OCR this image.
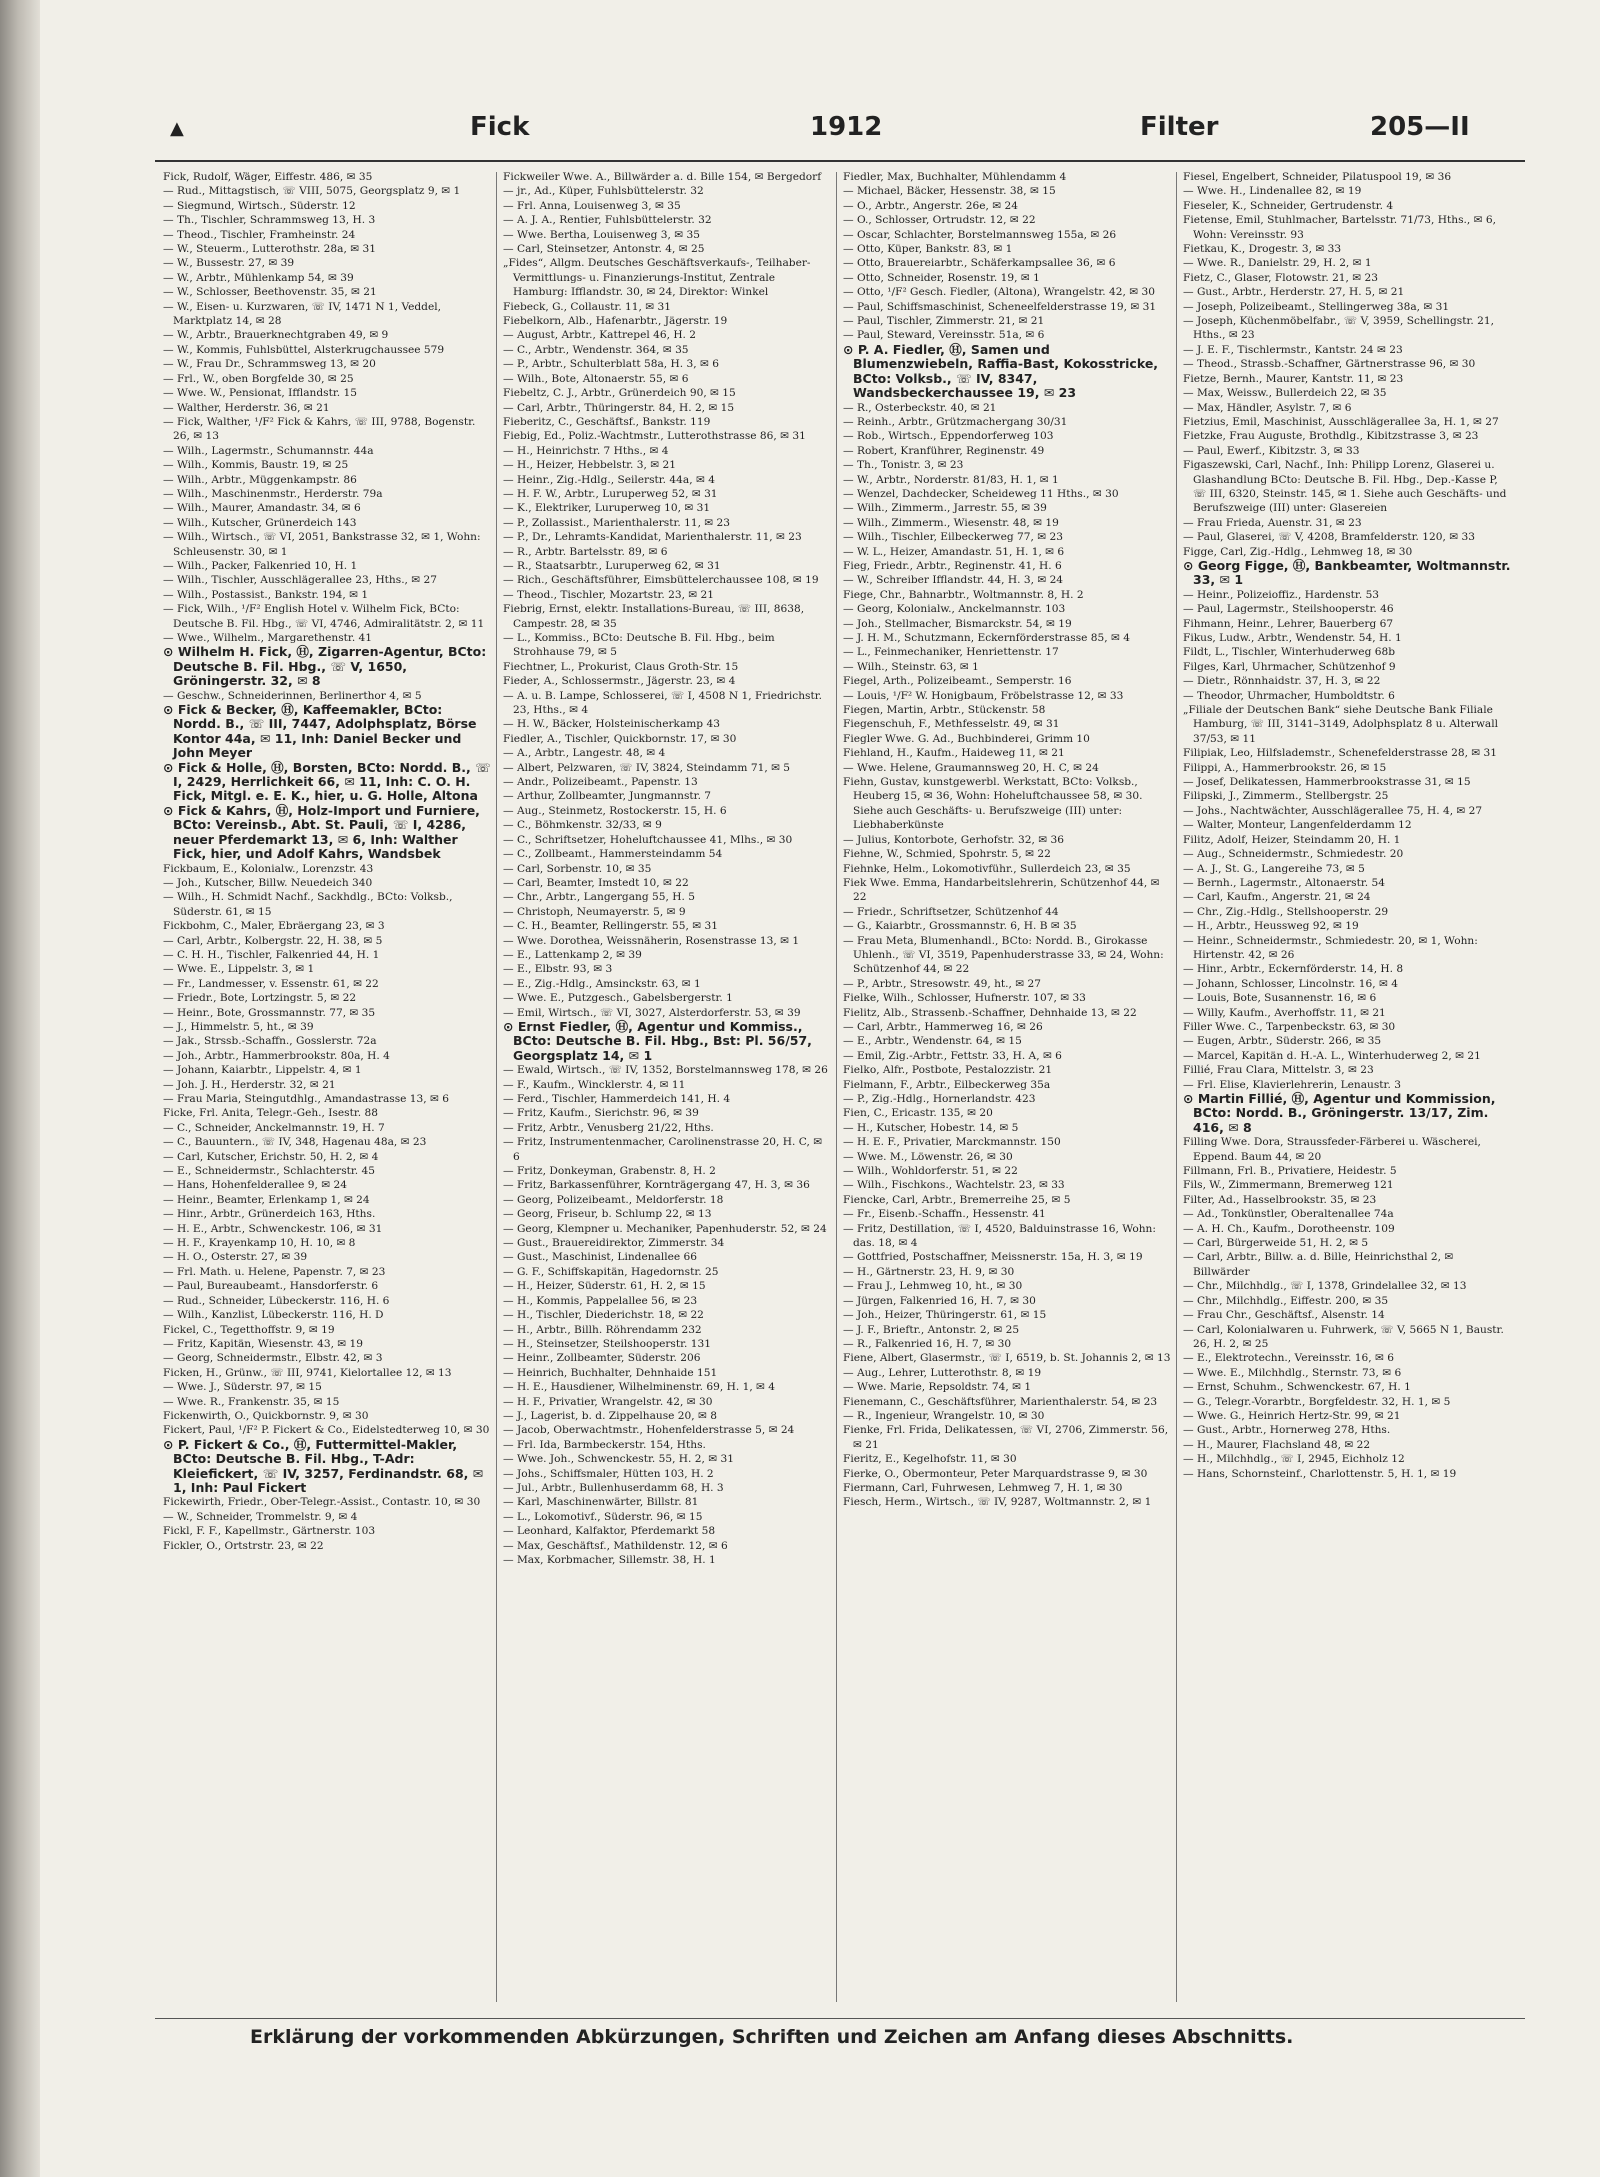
▲	Fick	1912	Filter	205—II
Fick, Rudolf, Wäger, Eiffestr. 486, ✉ 35
— Rud., Mittagstisch, ☏ VIII, 5075, Georgsplatz 9, ✉ 1
— Siegmund, Wirtsch., Süderstr. 12
— Th., Tischler, Schrammsweg 13, H. 3
— Theod., Tischler, Framheinstr. 24
— W., Steuerm., Lutterothstr. 28a, ✉ 31
— W., Bussestr. 27, ✉ 39
— W., Arbtr., Mühlenkamp 54, ✉ 39
— W., Schlosser, Beethovenstr. 35, ✉ 21
— W., Eisen- u. Kurzwaren, ☏ IV, 1471 N 1, Veddel, Marktplatz 14, ✉ 28
— W., Arbtr., Brauerknechtgraben 49, ✉ 9
— W., Kommis, Fuhlsbüttel, Alsterkrugchaussee 579
— W., Frau Dr., Schrammsweg 13, ✉ 20
— Frl., W., oben Borgfelde 30, ✉ 25
— Wwe. W., Pensionat, Ifflandstr. 15
— Walther, Herderstr. 36, ✉ 21
— Fick, Walther, ¹/F² Fick & Kahrs, ☏ III, 9788, Bogenstr. 26, ✉ 13
— Wilh., Lagermstr., Schumannstr. 44a
— Wilh., Kommis, Baustr. 19, ✉ 25
— Wilh., Arbtr., Müggenkampstr. 86
— Wilh., Maschinenmstr., Herderstr. 79a
— Wilh., Maurer, Amandastr. 34, ✉ 6
— Wilh., Kutscher, Grünerdeich 143
— Wilh., Wirtsch., ☏ VI, 2051, Bankstrasse 32, ✉ 1, Wohn: Schleusenstr. 30, ✉ 1
— Wilh., Packer, Falkenried 10, H. 1
— Wilh., Tischler, Ausschlägerallee 23, Hths., ✉ 27
— Wilh., Postassist., Bankstr. 194, ✉ 1
— Fick, Wilh., ¹/F² English Hotel v. Wilhelm Fick, BCto: Deutsche B. Fil. Hbg., ☏ VI, 4746, Admiralitätstr. 2, ✉ 11
— Wwe., Wilhelm., Margarethenstr. 41
⊙ Wilhelm H. Fick, Ⓗ, Zigarren-Agentur, BCto: Deutsche B. Fil. Hbg., ☏ V, 1650, Gröningerstr. 32, ✉ 8
— Geschw., Schneiderinnen, Berlinerthor 4, ✉ 5
⊙ Fick & Becker, Ⓗ, Kaffeemakler, BCto: Nordd. B., ☏ III, 7447, Adolphsplatz, Börse Kontor 44a, ✉ 11, Inh: Daniel Becker und John Meyer
⊙ Fick & Holle, Ⓗ, Borsten, BCto: Nordd. B., ☏ I, 2429, Herrlichkeit 66, ✉ 11, Inh: C. O. H. Fick, Mitgl. e. E. K., hier, u. G. Holle, Altona
⊙ Fick & Kahrs, Ⓗ, Holz-Import und Furniere, BCto: Vereinsb., Abt. St. Pauli, ☏ I, 4286, neuer Pferdemarkt 13, ✉ 6, Inh: Walther Fick, hier, und Adolf Kahrs, Wandsbek
Fickbaum, E., Kolonialw., Lorenzstr. 43
— Joh., Kutscher, Billw. Neuedeich 340
— Wilh., H. Schmidt Nachf., Sackhdlg., BCto: Volksb., Süderstr. 61, ✉ 15
Fickbohm, C., Maler, Ebräergang 23, ✉ 3
— Carl, Arbtr., Kolbergstr. 22, H. 38, ✉ 5
— C. H. H., Tischler, Falkenried 44, H. 1
— Wwe. E., Lippelstr. 3, ✉ 1
— Fr., Landmesser, v. Essenstr. 61, ✉ 22
— Friedr., Bote, Lortzingstr. 5, ✉ 22
— Heinr., Bote, Grossmannstr. 77, ✉ 35
— J., Himmelstr. 5, ht., ✉ 39
— Jak., Strssb.-Schaffn., Gosslerstr. 72a
— Joh., Arbtr., Hammerbrookstr. 80a, H. 4
— Johann, Kaiarbtr., Lippelstr. 4, ✉ 1
— Joh. J. H., Herderstr. 32, ✉ 21
— Frau Maria, Steingutdhlg., Amandastrasse 13, ✉ 6
Ficke, Frl. Anita, Telegr.-Geh., Isestr. 88
— C., Schneider, Anckelmannstr. 19, H. 7
— C., Bauuntern., ☏ IV, 348, Hagenau 48a, ✉ 23
— Carl, Kutscher, Erichstr. 50, H. 2, ✉ 4
— E., Schneidermstr., Schlachterstr. 45
— Hans, Hohenfelderallee 9, ✉ 24
— Heinr., Beamter, Erlenkamp 1, ✉ 24
— Hinr., Arbtr., Grünerdeich 163, Hths.
— H. E., Arbtr., Schwenckestr. 106, ✉ 31
— H. F., Krayenkamp 10, H. 10, ✉ 8
— H. O., Osterstr. 27, ✉ 39
— Frl. Math. u. Helene, Papenstr. 7, ✉ 23
— Paul, Bureaubeamt., Hansdorferstr. 6
— Rud., Schneider, Lübeckerstr. 116, H. 6
— Wilh., Kanzlist, Lübeckerstr. 116, H. D
Fickel, C., Tegetthoffstr. 9, ✉ 19
— Fritz, Kapitän, Wiesenstr. 43, ✉ 19
— Georg, Schneidermstr., Elbstr. 42, ✉ 3
Ficken, H., Grünw., ☏ III, 9741, Kielortallee 12, ✉ 13
— Wwe. J., Süderstr. 97, ✉ 15
— Wwe. R., Frankenstr. 35, ✉ 15
Fickenwirth, O., Quickbornstr. 9, ✉ 30
Fickert, Paul, ¹/F² P. Fickert & Co., Eidelstedterweg 10, ✉ 30
⊙ P. Fickert & Co., Ⓗ, Futtermittel-Makler, BCto: Deutsche B. Fil. Hbg., T-Adr: Kleiefickert, ☏ IV, 3257, Ferdinandstr. 68, ✉ 1, Inh: Paul Fickert
Fickewirth, Friedr., Ober-Telegr.-Assist., Contastr. 10, ✉ 30
— W., Schneider, Trommelstr. 9, ✉ 4
Fickl, F. F., Kapellmstr., Gärtnerstr. 103
Fickler, O., Ortstrstr. 23, ✉ 22
Fickweiler Wwe. A., Billwärder a. d. Bille 154, ✉ Bergedorf
— jr., Ad., Küper, Fuhlsbüttelerstr. 32
— Frl. Anna, Louisenweg 3, ✉ 35
— A. J. A., Rentier, Fuhlsbüttelerstr. 32
— Wwe. Bertha, Louisenweg 3, ✉ 35
— Carl, Steinsetzer, Antonstr. 4, ✉ 25
„Fides“, Allgm. Deutsches Geschäftsverkaufs-, Teilhaber-Vermittlungs- u. Finanzierungs-Institut, Zentrale Hamburg: Ifflandstr. 30, ✉ 24, Direktor: Winkel
Fiebeck, G., Collaustr. 11, ✉ 31
Fiebelkorn, Alb., Hafenarbtr., Jägerstr. 19
— August, Arbtr., Kattrepel 46, H. 2
— C., Arbtr., Wendenstr. 364, ✉ 35
— P., Arbtr., Schulterblatt 58a, H. 3, ✉ 6
— Wilh., Bote, Altonaerstr. 55, ✉ 6
Fiebeltz, C. J., Arbtr., Grünerdeich 90, ✉ 15
— Carl, Arbtr., Thüringerstr. 84, H. 2, ✉ 15
Fieberitz, C., Geschäftsf., Bankstr. 119
Fiebig, Ed., Poliz.-Wachtmstr., Lutterothstrasse 86, ✉ 31
— H., Heinrichstr. 7 Hths., ✉ 4
— H., Heizer, Hebbelstr. 3, ✉ 21
— Heinr., Zig.-Hdlg., Seilerstr. 44a, ✉ 4
— H. F. W., Arbtr., Luruperweg 52, ✉ 31
— K., Elektriker, Luruperweg 10, ✉ 31
— P., Zollassist., Marienthalerstr. 11, ✉ 23
— P., Dr., Lehramts-Kandidat, Marienthalerstr. 11, ✉ 23
— R., Arbtr. Bartelsstr. 89, ✉ 6
— R., Staatsarbtr., Luruperweg 62, ✉ 31
— Rich., Geschäftsführer, Eimsbüttelerchaussee 108, ✉ 19
— Theod., Tischler, Mozartstr. 23, ✉ 21
Fiebrig, Ernst, elektr. Installations-Bureau, ☏ III, 8638, Campestr. 28, ✉ 35
— L., Kommiss., BCto: Deutsche B. Fil. Hbg., beim Strohhause 79, ✉ 5
Fiechtner, L., Prokurist, Claus Groth-Str. 15
Fieder, A., Schlossermstr., Jägerstr. 23, ✉ 4
— A. u. B. Lampe, Schlosserei, ☏ I, 4508 N 1, Friedrichstr. 23, Hths., ✉ 4
— H. W., Bäcker, Holsteinischerkamp 43
Fiedler, A., Tischler, Quickbornstr. 17, ✉ 30
— A., Arbtr., Langestr. 48, ✉ 4
— Albert, Pelzwaren, ☏ IV, 3824, Steindamm 71, ✉ 5
— Andr., Polizeibeamt., Papenstr. 13
— Arthur, Zollbeamter, Jungmannstr. 7
— Aug., Steinmetz, Rostockerstr. 15, H. 6
— C., Böhmkenstr. 32/33, ✉ 9
— C., Schriftsetzer, Hoheluftchaussee 41, Mlhs., ✉ 30
— C., Zollbeamt., Hammersteindamm 54
— Carl, Sorbenstr. 10, ✉ 35
— Carl, Beamter, Imstedt 10, ✉ 22
— Chr., Arbtr., Langergang 55, H. 5
— Christoph, Neumayerstr. 5, ✉ 9
— C. H., Beamter, Rellingerstr. 55, ✉ 31
— Wwe. Dorothea, Weissnäherin, Rosenstrasse 13, ✉ 1
— E., Lattenkamp 2, ✉ 39
— E., Elbstr. 93, ✉ 3
— E., Zig.-Hdlg., Amsinckstr. 63, ✉ 1
— Wwe. E., Putzgesch., Gabelsbergerstr. 1
— Emil, Wirtsch., ☏ VI, 3027, Alsterdorferstr. 53, ✉ 39
⊙ Ernst Fiedler, Ⓗ, Agentur und Kommiss., BCto: Deutsche B. Fil. Hbg., Bst: Pl. 56/57, Georgsplatz 14, ✉ 1
— Ewald, Wirtsch., ☏ IV, 1352, Borstelmannsweg 178, ✉ 26
— F., Kaufm., Wincklerstr. 4, ✉ 11
— Ferd., Tischler, Hammerdeich 141, H. 4
— Fritz, Kaufm., Sierichstr. 96, ✉ 39
— Fritz, Arbtr., Venusberg 21/22, Hths.
— Fritz, Instrumentenmacher, Carolinenstrasse 20, H. C, ✉ 6
— Fritz, Donkeyman, Grabenstr. 8, H. 2
— Fritz, Barkassenführer, Kornträgergang 47, H. 3, ✉ 36
— Georg, Polizeibeamt., Meldorferstr. 18
— Georg, Friseur, b. Schlump 22, ✉ 13
— Georg, Klempner u. Mechaniker, Papenhuderstr. 52, ✉ 24
— Gust., Brauereidirektor, Zimmerstr. 34
— Gust., Maschinist, Lindenallee 66
— G. F., Schiffskapitän, Hagedornstr. 25
— H., Heizer, Süderstr. 61, H. 2, ✉ 15
— H., Kommis, Pappelallee 56, ✉ 23
— H., Tischler, Diederichstr. 18, ✉ 22
— H., Arbtr., Billh. Röhrendamm 232
— H., Steinsetzer, Steilshooperstr. 131
— Heinr., Zollbeamter, Süderstr. 206
— Heinrich, Buchhalter, Dehnhaide 151
— H. E., Hausdiener, Wilhelminenstr. 69, H. 1, ✉ 4
— H. F., Privatier, Wrangelstr. 42, ✉ 30
— J., Lagerist, b. d. Zippelhause 20, ✉ 8
— Jacob, Oberwachtmstr., Hohenfelderstrasse 5, ✉ 24
— Frl. Ida, Barmbeckerstr. 154, Hths.
— Wwe. Joh., Schwenckestr. 55, H. 2, ✉ 31
— Johs., Schiffsmaler, Hütten 103, H. 2
— Jul., Arbtr., Bullenhuserdamm 68, H. 3
— Karl, Maschinenwärter, Billstr. 81
— L., Lokomotivf., Süderstr. 96, ✉ 15
— Leonhard, Kalfaktor, Pferdemarkt 58
— Max, Geschäftsf., Mathildenstr. 12, ✉ 6
— Max, Korbmacher, Sillemstr. 38, H. 1
Fiedler, Max, Buchhalter, Mühlendamm 4
— Michael, Bäcker, Hessenstr. 38, ✉ 15
— O., Arbtr., Angerstr. 26e, ✉ 24
— O., Schlosser, Ortrudstr. 12, ✉ 22
— Oscar, Schlachter, Borstelmannsweg 155a, ✉ 26
— Otto, Küper, Bankstr. 83, ✉ 1
— Otto, Brauereiarbtr., Schäferkampsallee 36, ✉ 6
— Otto, Schneider, Rosenstr. 19, ✉ 1
— Otto, ¹/F² Gesch. Fiedler, (Altona), Wrangelstr. 42, ✉ 30
— Paul, Schiffsmaschinist, Scheneelfelderstrasse 19, ✉ 31
— Paul, Tischler, Zimmerstr. 21, ✉ 21
— Paul, Steward, Vereinsstr. 51a, ✉ 6
⊙ P. A. Fiedler, Ⓗ, Samen und Blumenzwiebeln, Raffia-Bast, Kokosstricke, BCto: Volksb., ☏ IV, 8347, Wandsbeckerchaussee 19, ✉ 23
— R., Osterbeckstr. 40, ✉ 21
— Reinh., Arbtr., Grützmachergang 30/31
— Rob., Wirtsch., Eppendorferweg 103
— Robert, Kranführer, Reginenstr. 49
— Th., Tonistr. 3, ✉ 23
— W., Arbtr., Norderstr. 81/83, H. 1, ✉ 1
— Wenzel, Dachdecker, Scheideweg 11 Hths., ✉ 30
— Wilh., Zimmerm., Jarrestr. 55, ✉ 39
— Wilh., Zimmerm., Wiesenstr. 48, ✉ 19
— Wilh., Tischler, Eilbeckerweg 77, ✉ 23
— W. L., Heizer, Amandastr. 51, H. 1, ✉ 6
Fieg, Friedr., Arbtr., Reginenstr. 41, H. 6
— W., Schreiber Ifflandstr. 44, H. 3, ✉ 24
Fiege, Chr., Bahnarbtr., Woltmannstr. 8, H. 2
— Georg, Kolonialw., Anckelmannstr. 103
— Joh., Stellmacher, Bismarckstr. 54, ✉ 19
— J. H. M., Schutzmann, Eckernförderstrasse 85, ✉ 4
— L., Feinmechaniker, Henriettenstr. 17
— Wilh., Steinstr. 63, ✉ 1
Fiegel, Arth., Polizeibeamt., Semperstr. 16
— Louis, ¹/F² W. Honigbaum, Fröbelstrasse 12, ✉ 33
Fiegen, Martin, Arbtr., Stückenstr. 58
Fiegenschuh, F., Methfesselstr. 49, ✉ 31
Fiegler Wwe. G. Ad., Buchbinderei, Grimm 10
Fiehland, H., Kaufm., Haideweg 11, ✉ 21
— Wwe. Helene, Graumannsweg 20, H. C, ✉ 24
Fiehn, Gustav, kunstgewerbl. Werkstatt, BCto: Volksb., Heuberg 15, ✉ 36, Wohn: Hoheluftchaussee 58, ✉ 30. Siehe auch Geschäfts- u. Berufszweige (III) unter: Liebhaberkünste
— Julius, Kontorbote, Gerhofstr. 32, ✉ 36
Fiehne, W., Schmied, Spohrstr. 5, ✉ 22
Fiehnke, Helm., Lokomotivführ., Sullerdeich 23, ✉ 35
Fiek Wwe. Emma, Handarbeitslehrerin, Schützenhof 44, ✉ 22
— Friedr., Schriftsetzer, Schützenhof 44
— G., Kaiarbtr., Grossmannstr. 6, H. B ✉ 35
— Frau Meta, Blumenhandl., BCto: Nordd. B., Girokasse Uhlenh., ☏ VI, 3519, Papenhuderstrasse 33, ✉ 24, Wohn: Schützenhof 44, ✉ 22
— P., Arbtr., Stresowstr. 49, ht., ✉ 27
Fielke, Wilh., Schlosser, Hufnerstr. 107, ✉ 33
Fielitz, Alb., Strassenb.-Schaffner, Dehnhaide 13, ✉ 22
— Carl, Arbtr., Hammerweg 16, ✉ 26
— E., Arbtr., Wendenstr. 64, ✉ 15
— Emil, Zig.-Arbtr., Fettstr. 33, H. A, ✉ 6
Fielko, Alfr., Postbote, Pestalozzistr. 21
Fielmann, F., Arbtr., Eilbeckerweg 35a
— P., Zig.-Hdlg., Hornerlandstr. 423
Fien, C., Ericastr. 135, ✉ 20
— H., Kutscher, Hobestr. 14, ✉ 5
— H. E. F., Privatier, Marckmannstr. 150
— Wwe. M., Löwenstr. 26, ✉ 30
— Wilh., Wohldorferstr. 51, ✉ 22
— Wilh., Fischkons., Wachtelstr. 23, ✉ 33
Fiencke, Carl, Arbtr., Bremerreihe 25, ✉ 5
— Fr., Eisenb.-Schaffn., Hessenstr. 41
— Fritz, Destillation, ☏ I, 4520, Balduinstrasse 16, Wohn: das. 18, ✉ 4
— Gottfried, Postschaffner, Meissnerstr. 15a, H. 3, ✉ 19
— H., Gärtnerstr. 23, H. 9, ✉ 30
— Frau J., Lehmweg 10, ht., ✉ 30
— Jürgen, Falkenried 16, H. 7, ✉ 30
— Joh., Heizer, Thüringerstr. 61, ✉ 15
— J. F., Brieftr., Antonstr. 2, ✉ 25
— R., Falkenried 16, H. 7, ✉ 30
Fiene, Albert, Glasermstr., ☏ I, 6519, b. St. Johannis 2, ✉ 13
— Aug., Lehrer, Lutterothstr. 8, ✉ 19
— Wwe. Marie, Repsoldstr. 74, ✉ 1
Fienemann, C., Geschäftsführer, Marienthalerstr. 54, ✉ 23
— R., Ingenieur, Wrangelstr. 10, ✉ 30
Fienke, Frl. Frida, Delikatessen, ☏ VI, 2706, Zimmerstr. 56, ✉ 21
Fieritz, E., Kegelhofstr. 11, ✉ 30
Fierke, O., Obermonteur, Peter Marquardstrasse 9, ✉ 30
Fiermann, Carl, Fuhrwesen, Lehmweg 7, H. 1, ✉ 30
Fiesch, Herm., Wirtsch., ☏ IV, 9287, Woltmannstr. 2, ✉ 1
Fiesel, Engelbert, Schneider, Pilatuspool 19, ✉ 36
— Wwe. H., Lindenallee 82, ✉ 19
Fieseler, K., Schneider, Gertrudenstr. 4
Fietense, Emil, Stuhlmacher, Bartelsstr. 71/73, Hths., ✉ 6, Wohn: Vereinsstr. 93
Fietkau, K., Drogestr. 3, ✉ 33
— Wwe. R., Danielstr. 29, H. 2, ✉ 1
Fietz, C., Glaser, Flotowstr. 21, ✉ 23
— Gust., Arbtr., Herderstr. 27, H. 5, ✉ 21
— Joseph, Polizeibeamt., Stellingerweg 38a, ✉ 31
— Joseph, Küchenmöbelfabr., ☏ V, 3959, Schellingstr. 21, Hths., ✉ 23
— J. E. F., Tischlermstr., Kantstr. 24 ✉ 23
— Theod., Strassb.-Schaffner, Gärtnerstrasse 96, ✉ 30
Fietze, Bernh., Maurer, Kantstr. 11, ✉ 23
— Max, Weissw., Bullerdeich 22, ✉ 35
— Max, Händler, Asylstr. 7, ✉ 6
Fietzius, Emil, Maschinist, Ausschlägerallee 3a, H. 1, ✉ 27
Fietzke, Frau Auguste, Brothdlg., Kibitzstrasse 3, ✉ 23
— Paul, Ewerf., Kibitzstr. 3, ✉ 33
Figaszewski, Carl, Nachf., Inh: Philipp Lorenz, Glaserei u. Glashandlung BCto: Deutsche B. Fil. Hbg., Dep.-Kasse P, ☏ III, 6320, Steinstr. 145, ✉ 1. Siehe auch Geschäfts- und Berufszweige (III) unter: Glasereien
— Frau Frieda, Auenstr. 31, ✉ 23
— Paul, Glaserei, ☏ V, 4208, Bramfelderstr. 120, ✉ 33
Figge, Carl, Zig.-Hdlg., Lehmweg 18, ✉ 30
⊙ Georg Figge, Ⓗ, Bankbeamter, Woltmannstr. 33, ✉ 1
— Heinr., Polizeioffiz., Hardenstr. 53
— Paul, Lagermstr., Steilshooperstr. 46
Fihmann, Heinr., Lehrer, Bauerberg 67
Fikus, Ludw., Arbtr., Wendenstr. 54, H. 1
Fildt, L., Tischler, Winterhuderweg 68b
Filges, Karl, Uhrmacher, Schützenhof 9
— Dietr., Rönnhaidstr. 37, H. 3, ✉ 22
— Theodor, Uhrmacher, Humboldtstr. 6
„Filiale der Deutschen Bank“ siehe Deutsche Bank Filiale Hamburg, ☏ III, 3141–3149, Adolphsplatz 8 u. Alterwall 37/53, ✉ 11
Filipiak, Leo, Hilfslademstr., Schenefelderstrasse 28, ✉ 31
Filippi, A., Hammerbrookstr. 26, ✉ 15
— Josef, Delikatessen, Hammerbrookstrasse 31, ✉ 15
Filipski, J., Zimmerm., Stellbergstr. 25
— Johs., Nachtwächter, Ausschlägerallee 75, H. 4, ✉ 27
— Walter, Monteur, Langenfelderdamm 12
Filitz, Adolf, Heizer, Steindamm 20, H. 1
— Aug., Schneidermstr., Schmiedestr. 20
— A. J., St. G., Langereihe 73, ✉ 5
— Bernh., Lagermstr., Altonaerstr. 54
— Carl, Kaufm., Angerstr. 21, ✉ 24
— Chr., Zig.-Hdlg., Stellshooperstr. 29
— H., Arbtr., Heussweg 92, ✉ 19
— Heinr., Schneidermstr., Schmiedestr. 20, ✉ 1, Wohn: Hirtenstr. 42, ✉ 26
— Hinr., Arbtr., Eckernförderstr. 14, H. 8
— Johann, Schlosser, Lincolnstr. 16, ✉ 4
— Louis, Bote, Susannenstr. 16, ✉ 6
— Willy, Kaufm., Averhoffstr. 11, ✉ 21
Filler Wwe. C., Tarpenbeckstr. 63, ✉ 30
— Eugen, Arbtr., Süderstr. 266, ✉ 35
— Marcel, Kapitän d. H.-A. L., Winterhuderweg 2, ✉ 21
Fillié, Frau Clara, Mittelstr. 3, ✉ 23
— Frl. Elise, Klavierlehrerin, Lenaustr. 3
⊙ Martin Fillié, Ⓗ, Agentur und Kommission, BCto: Nordd. B., Gröningerstr. 13/17, Zim. 416, ✉ 8
Filling Wwe. Dora, Straussfeder-Färberei u. Wäscherei, Eppend. Baum 44, ✉ 20
Fillmann, Frl. B., Privatiere, Heidestr. 5
Fils, W., Zimmermann, Bremerweg 121
Filter, Ad., Hasselbrookstr. 35, ✉ 23
— Ad., Tonkünstler, Oberaltenallee 74a
— A. H. Ch., Kaufm., Dorotheenstr. 109
— Carl, Bürgerweide 51, H. 2, ✉ 5
— Carl, Arbtr., Billw. a. d. Bille, Heinrichsthal 2, ✉ Billwärder
— Chr., Milchhdlg., ☏ I, 1378, Grindelallee 32, ✉ 13
— Chr., Milchhdlg., Eiffestr. 200, ✉ 35
— Frau Chr., Geschäftsf., Alsenstr. 14
— Carl, Kolonialwaren u. Fuhrwerk, ☏ V, 5665 N 1, Baustr. 26, H. 2, ✉ 25
— E., Elektrotechn., Vereinsstr. 16, ✉ 6
— Wwe. E., Milchhdlg., Sternstr. 73, ✉ 6
— Ernst, Schuhm., Schwenckestr. 67, H. 1
— G., Telegr.-Vorarbtr., Borgfeldestr. 32, H. 1, ✉ 5
— Wwe. G., Heinrich Hertz-Str. 99, ✉ 21
— Gust., Arbtr., Hornerweg 278, Hths.
— H., Maurer, Flachsland 48, ✉ 22
— H., Milchhdlg., ☏ I, 2945, Eichholz 12
— Hans, Schornsteinf., Charlottenstr. 5, H. 1, ✉ 19
Erklärung der vorkommenden Abkürzungen, Schriften und Zeichen am Anfang dieses Abschnitts.
